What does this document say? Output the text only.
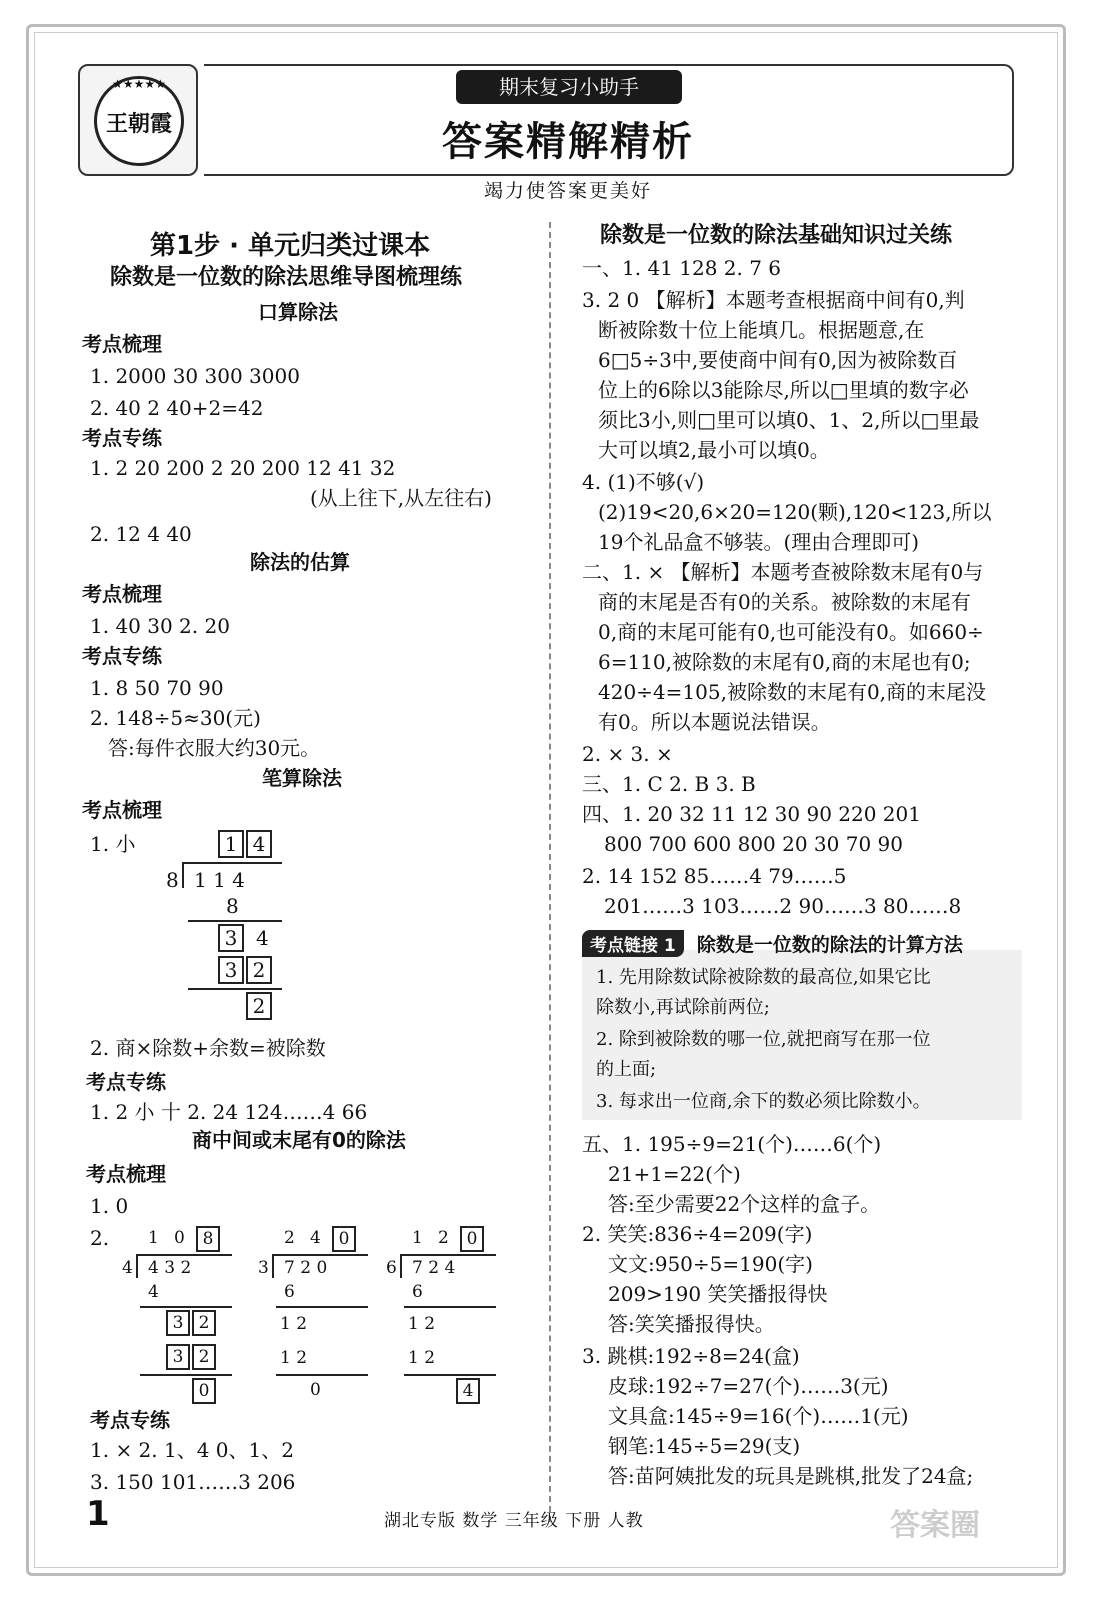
★★★★★
王朝霞
期末复习小助手
答案精解精析
竭力使答案更美好
第1步 · 单元归类过课本
除数是一位数的除法思维导图梳理练
口算除法
考点梳理
1. 2000 30 300 3000
2. 40 2 40+2=42
考点专练
1. 2 20 200 2 20 200 12 41 32
(从上往下,从左往右)
2. 12 4 40
除法的估算
考点梳理
1. 40 30 2. 20
考点专练
1. 8 50 70 90
2. 148÷5≈30(元)
答:每件衣服大约30元。
笔算除法
考点梳理
1. 小
2. 商×除数+余数=被除数
考点专练
1. 2 小 十 2. 24 124……4 66
商中间或末尾有0的除法
考点梳理
1. 0
2.
考点专练
1. × 2. 1、4 0、1、2
3. 150 101……3 206
除数是一位数的除法基础知识过关练
一、1. 41 128 2. 7 6
3. 2 0 【解析】本题考查根据商中间有0,判
断被除数十位上能填几。根据题意,在
6□5÷3中,要使商中间有0,因为被除数百
位上的6除以3能除尽,所以□里填的数字必
须比3小,则□里可以填0、1、2,所以□里最
大可以填2,最小可以填0。
4. (1)不够(√)
(2)19<20,6×20=120(颗),120<123,所以
19个礼品盒不够装。(理由合理即可)
二、1. × 【解析】本题考查被除数末尾有0与
商的末尾是否有0的关系。被除数的末尾有
0,商的末尾可能有0,也可能没有0。如660÷
6=110,被除数的末尾有0,商的末尾也有0;
420÷4=105,被除数的末尾有0,商的末尾没
有0。所以本题说法错误。
2. × 3. ×
三、1. C 2. B 3. B
四、1. 20 32 11 12 30 90 220 201
800 700 600 800 20 30 70 90
2. 14 152 85……4 79……5
201……3 103……2 90……3 80……8
五、1. 195÷9=21(个)……6(个)
21+1=22(个)
答:至少需要22个这样的盒子。
2. 笑笑:836÷4=209(字)
文文:950÷5=190(字)
209>190 笑笑播报得快
答:笑笑播报得快。
3. 跳棋:192÷8=24(盒)
皮球:192÷7=27(个)……3(元)
文具盒:145÷9=16(个)……1(元)
钢笔:145÷5=29(支)
答:苗阿姨批发的玩具是跳棋,批发了24盒;
1 4
8 1 1 4
8
3 4
3 2
2
1 0	8
4 4 3 2
4
3 2
3 2
0
2 4	0
3 7 2 0
6
1 2
1 2
0
1 2	0
6 7 2 4
6
1 2
1 2
4
考点链接 1 除数是一位数的除法的计算方法
1. 先用除数试除被除数的最高位,如果它比
除数小,再试除前两位;
2. 除到被除数的哪一位,就把商写在那一位
的上面;
3. 每求出一位商,余下的数必须比除数小。
1	湖北专版 数学 三年级 下册 人教	答案圈
